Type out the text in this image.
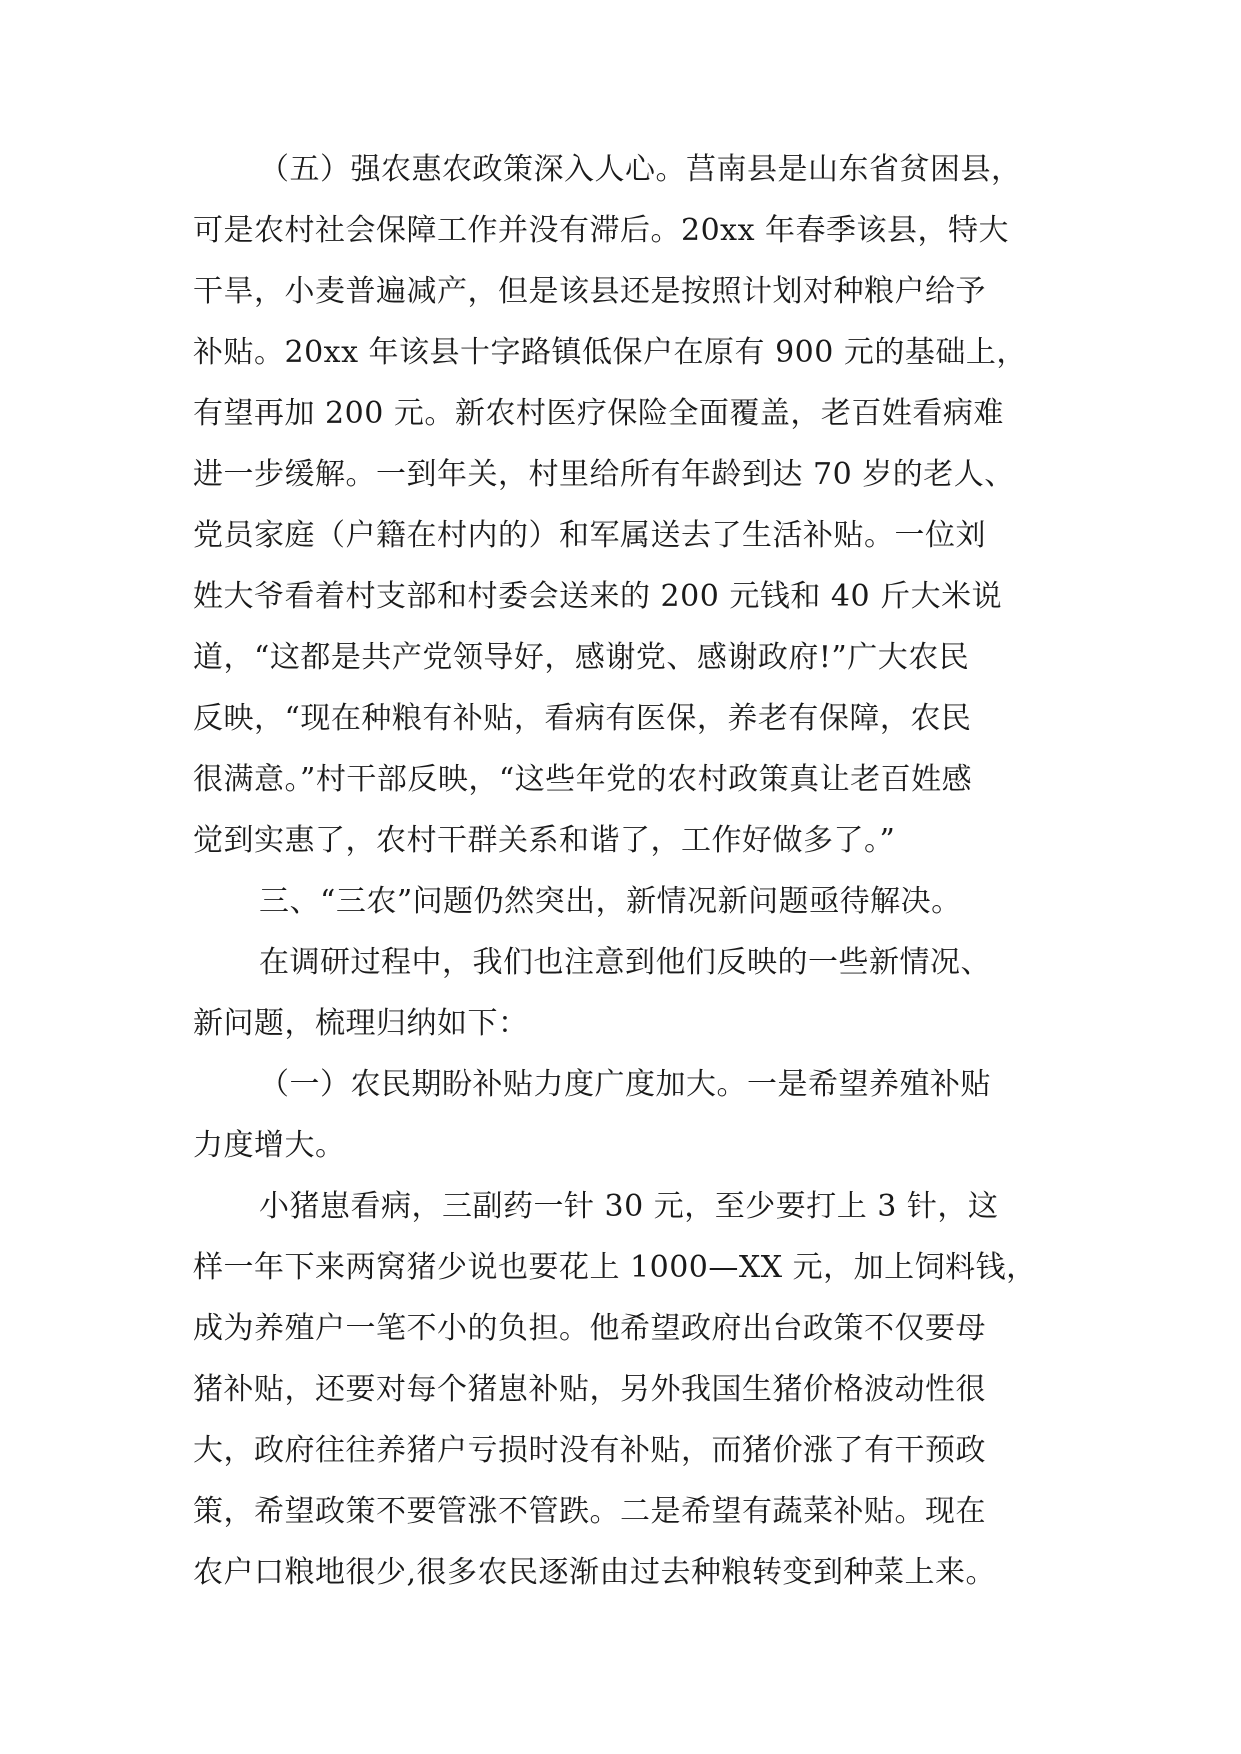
（五）强农惠农政策深入人心。莒南县是山东省贫困县，
可是农村社会保障工作并没有滞后。20xx 年春季该县，特大
干旱，小麦普遍减产，但是该县还是按照计划对种粮户给予
补贴。20xx 年该县十字路镇低保户在原有 900 元的基础上，
有望再加 200 元。新农村医疗保险全面覆盖，老百姓看病难
进一步缓解。一到年关，村里给所有年龄到达 70 岁的老人、
党员家庭（户籍在村内的）和军属送去了生活补贴。一位刘
姓大爷看着村支部和村委会送来的 200 元钱和 40 斤大米说
道，“这都是共产党领导好，感谢党、感谢政府!”广大农民
反映，“现在种粮有补贴，看病有医保，养老有保障，农民
很满意。”村干部反映，“这些年党的农村政策真让老百姓感
觉到实惠了，农村干群关系和谐了，工作好做多了。”
三、“三农”问题仍然突出，新情况新问题亟待解决。
在调研过程中，我们也注意到他们反映的一些新情况、
新问题，梳理归纳如下：
（一）农民期盼补贴力度广度加大。一是希望养殖补贴
力度增大。
小猪崽看病，三副药一针 30 元，至少要打上 3 针，这
样一年下来两窝猪少说也要花上 1000—XX 元，加上饲料钱，
成为养殖户一笔不小的负担。他希望政府出台政策不仅要母
猪补贴，还要对每个猪崽补贴，另外我国生猪价格波动性很
大，政府往往养猪户亏损时没有补贴，而猪价涨了有干预政
策，希望政策不要管涨不管跌。二是希望有蔬菜补贴。现在
农户口粮地很少,很多农民逐渐由过去种粮转变到种菜上来。
